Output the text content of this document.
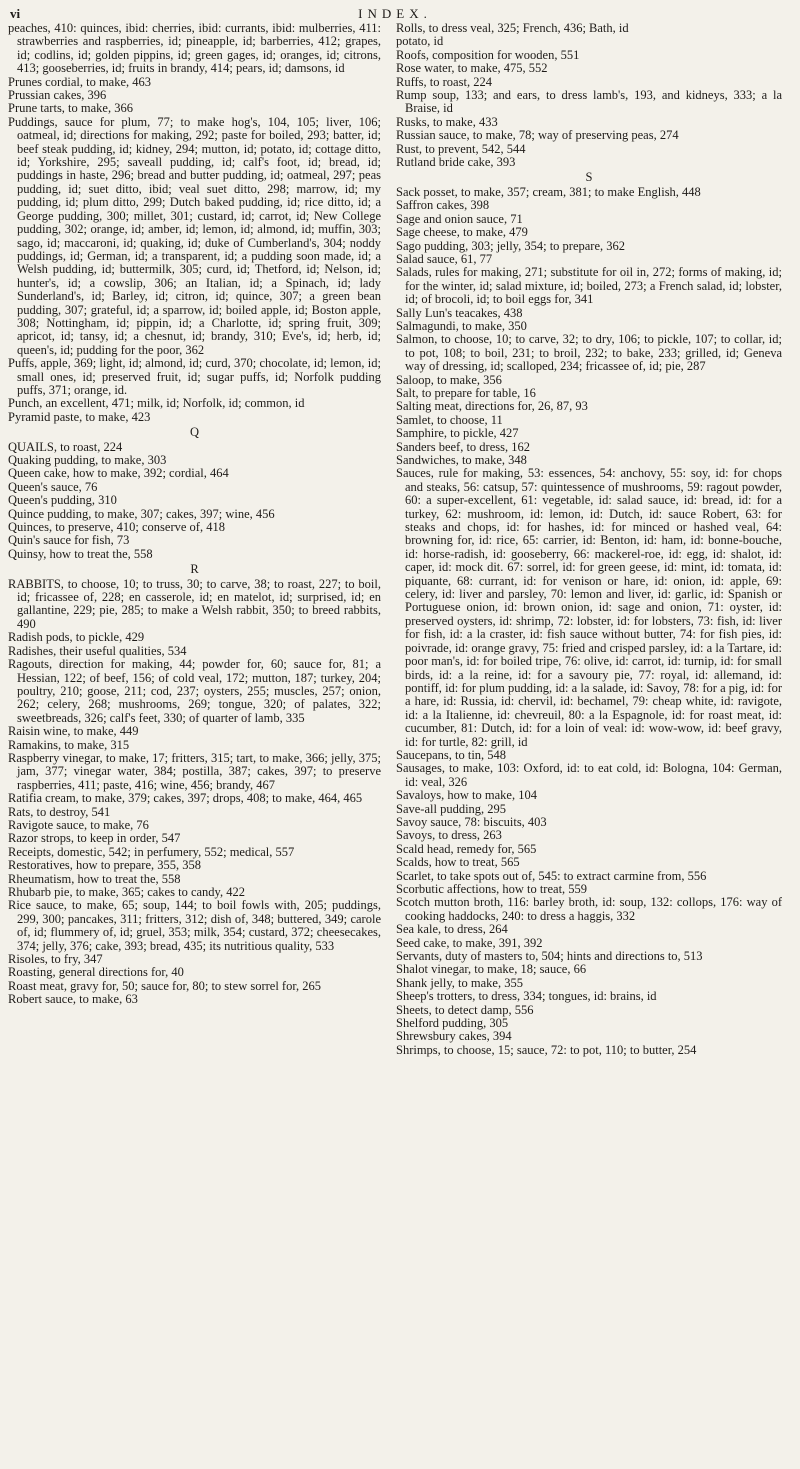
vi	INDEX.

peaches, 410: quinces, ibid: cherries, ibid: currants, ibid: mulberries, 411: strawberries and raspberries, id; pineapple, id; barberries, 412; grapes, id; codlins, id; golden pippins, id; green gages, id; oranges, id; citrons, 413; gooseberries, id; fruits in brandy, 414; pears, id; damsons, id

Prunes cordial, to make, 463

Prussian cakes, 396

Prune tarts, to make, 366

Puddings, sauce for plum, 77; to make hog's, 104, 105; liver, 106; oatmeal, id; directions for making, 292; paste for boiled, 293; batter, id; beef steak pudding, id; kidney, 294; mutton, id; potato, id; cottage ditto, id; Yorkshire, 295; saveall pudding, id; calf's foot, id; bread, id; puddings in haste, 296; bread and butter pudding, id; oatmeal, 297; peas pudding, id; suet ditto, ibid; veal suet ditto, 298; marrow, id; my pudding, id; plum ditto, 299; Dutch baked pudding, id; rice ditto, id; a George pudding, 300; millet, 301; custard, id; carrot, id; New College pudding, 302; orange, id; amber, id; lemon, id; almond, id; muffin, 303; sago, id; maccaroni, id; quaking, id; duke of Cumberland's, 304; noddy puddings, id; German, id; a transparent, id; a pudding soon made, id; a Welsh pudding, id; buttermilk, 305; curd, id; Thetford, id; Nelson, id; hunter's, id; a cowslip, 306; an Italian, id; a Spinach, id; lady Sunderland's, id; Barley, id; citron, id; quince, 307; a green bean pudding, 307; grateful, id; a sparrow, id; boiled apple, id; Boston apple, 308; Nottingham, id; pippin, id; a Charlotte, id; spring fruit, 309; apricot, id; tansy, id; a chesnut, id; brandy, 310; Eve's, id; herb, id; queen's, id; pudding for the poor, 362

Puffs, apple, 369; light, id; almond, id; curd, 370; chocolate, id; lemon, id; small ones, id; preserved fruit, id; sugar puffs, id; Norfolk pudding puffs, 371; orange, id.

Punch, an excellent, 471; milk, id; Norfolk, id; common, id

Pyramid paste, to make, 423

Q

QUAILS, to roast, 224

Quaking pudding, to make, 303

Queen cake, how to make, 392; cordial, 464

Queen's sauce, 76

Queen's pudding, 310

Quince pudding, to make, 307; cakes, 397; wine, 456

Quinces, to preserve, 410; conserve of, 418

Quin's sauce for fish, 73

Quinsy, how to treat the, 558

R

RABBITS, to choose, 10; to truss, 30; to carve, 38; to roast, 227; to boil, id; fricassee of, 228; en casserole, id; en matelot, id; surprised, id; en gallantine, 229; pie, 285; to make a Welsh rabbit, 350; to breed rabbits, 490

Radish pods, to pickle, 429

Radishes, their useful qualities, 534

Ragouts, direction for making, 44; powder for, 60; sauce for, 81; a Hessian, 122; of beef, 156; of cold veal, 172; mutton, 187; turkey, 204; poultry, 210; goose, 211; cod, 237; oysters, 255; muscles, 257; onion, 262; celery, 268; mushrooms, 269; tongue, 320; of palates, 322; sweetbreads, 326; calf's feet, 330; of quarter of lamb, 335

Raisin wine, to make, 449

Ramakins, to make, 315

Raspberry vinegar, to make, 17; fritters, 315; tart, to make, 366; jelly, 375; jam, 377; vinegar water, 384; postilla, 387; cakes, 397; to preserve raspberries, 411; paste, 416; wine, 456; brandy, 467

Ratifia cream, to make, 379; cakes, 397; drops, 408; to make, 464, 465

Rats, to destroy, 541

Ravigote sauce, to make, 76

Razor strops, to keep in order, 547

Receipts, domestic, 542; in perfumery, 552; medical, 557

Restoratives, how to prepare, 355, 358

Rheumatism, how to treat the, 558

Rhubarb pie, to make, 365; cakes to candy, 422

Rice sauce, to make, 65; soup, 144; to boil fowls with, 205; puddings, 299, 300; pancakes, 311; fritters, 312; dish of, 348; buttered, 349; carole of, id; flummery of, id; gruel, 353; milk, 354; custard, 372; cheesecakes, 374; jelly, 376; cake, 393; bread, 435; its nutritious quality, 533

Risoles, to fry, 347

Roasting, general directions for, 40

Roast meat, gravy for, 50; sauce for, 80; to stew sorrel for, 265

Robert sauce, to make, 63

Rolls, to dress veal, 325; French, 436; Bath, id

potato, id

Roofs, composition for wooden, 551

Rose water, to make, 475, 552

Ruffs, to roast, 224

Rump soup, 133; and ears, to dress lamb's, 193, and kidneys, 333; a la Braise, id

Rusks, to make, 433

Russian sauce, to make, 78; way of preserving peas, 274

Rust, to prevent, 542, 544

Rutland bride cake, 393

S

Sack posset, to make, 357; cream, 381; to make English, 448

Saffron cakes, 398

Sage and onion sauce, 71

Sage cheese, to make, 479

Sago pudding, 303; jelly, 354; to prepare, 362

Salad sauce, 61, 77

Salads, rules for making, 271; substitute for oil in, 272; forms of making, id; for the winter, id; salad mixture, id; boiled, 273; a French salad, id; lobster, id; of brocoli, id; to boil eggs for, 341

Sally Lun's teacakes, 438

Salmagundi, to make, 350

Salmon, to choose, 10; to carve, 32; to dry, 106; to pickle, 107; to collar, id; to pot, 108; to boil, 231; to broil, 232; to bake, 233; grilled, id; Geneva way of dressing, id; scalloped, 234; fricassee of, id; pie, 287

Saloop, to make, 356

Salt, to prepare for table, 16

Salting meat, directions for, 26, 87, 93

Samlet, to choose, 11

Samphire, to pickle, 427

Sanders beef, to dress, 162

Sandwiches, to make, 348

Sauces, rule for making, 53: essences, 54: anchovy, 55: soy, id: for chops and steaks, 56: catsup, 57: quintessence of mushrooms, 59: ragout powder, 60: a super-excellent, 61: vegetable, id: salad sauce, id: bread, id: for a turkey, 62: mushroom, id: lemon, id: Dutch, id: sauce Robert, 63: for steaks and chops, id: for hashes, id: for minced or hashed veal, 64: browning for, id: rice, 65: carrier, id: Benton, id: ham, id: bonne-bouche, id: horse-radish, id: gooseberry, 66: mackerel-roe, id: egg, id: shalot, id: caper, id: mock dit. 67: sorrel, id: for green geese, id: mint, id: tomata, id: piquante, 68: currant, id: for venison or hare, id: onion, id: apple, 69: celery, id: liver and parsley, 70: lemon and liver, id: garlic, id: Spanish or Portuguese onion, id: brown onion, id: sage and onion, 71: oyster, id: preserved oysters, id: shrimp, 72: lobster, id: for lobsters, 73: fish, id: liver for fish, id: a la craster, id: fish sauce without butter, 74: for fish pies, id: poivrade, id: orange gravy, 75: fried and crisped parsley, id: a la Tartare, id: poor man's, id: for boiled tripe, 76: olive, id: carrot, id: turnip, id: for small birds, id: a la reine, id: for a savoury pie, 77: royal, id: allemand, id: pontiff, id: for plum pudding, id: a la salade, id: Savoy, 78: for a pig, id: for a hare, id: Russia, id: chervil, id: bechamel, 79: cheap white, id: ravigote, id: a la Italienne, id: chevreuil, 80: a la Espagnole, id: for roast meat, id: cucumber, 81: Dutch, id: for a loin of veal: id: wow-wow, id: beef gravy, id: for turtle, 82: grill, id

Saucepans, to tin, 548

Sausages, to make, 103: Oxford, id: to eat cold, id: Bologna, 104: German, id: veal, 326

Savaloys, how to make, 104

Save-all pudding, 295

Savoy sauce, 78: biscuits, 403

Savoys, to dress, 263

Scald head, remedy for, 565

Scalds, how to treat, 565

Scarlet, to take spots out of, 545: to extract carmine from, 556

Scorbutic affections, how to treat, 559

Scotch mutton broth, 116: barley broth, id: soup, 132: collops, 176: way of cooking haddocks, 240: to dress a haggis, 332

Sea kale, to dress, 264

Seed cake, to make, 391, 392

Servants, duty of masters to, 504; hints and directions to, 513

Shalot vinegar, to make, 18; sauce, 66

Shank jelly, to make, 355

Sheep's trotters, to dress, 334; tongues, id: brains, id

Sheets, to detect damp, 556

Shelford pudding, 305

Shrewsbury cakes, 394

Shrimps, to choose, 15; sauce, 72: to pot, 110; to butter, 254
